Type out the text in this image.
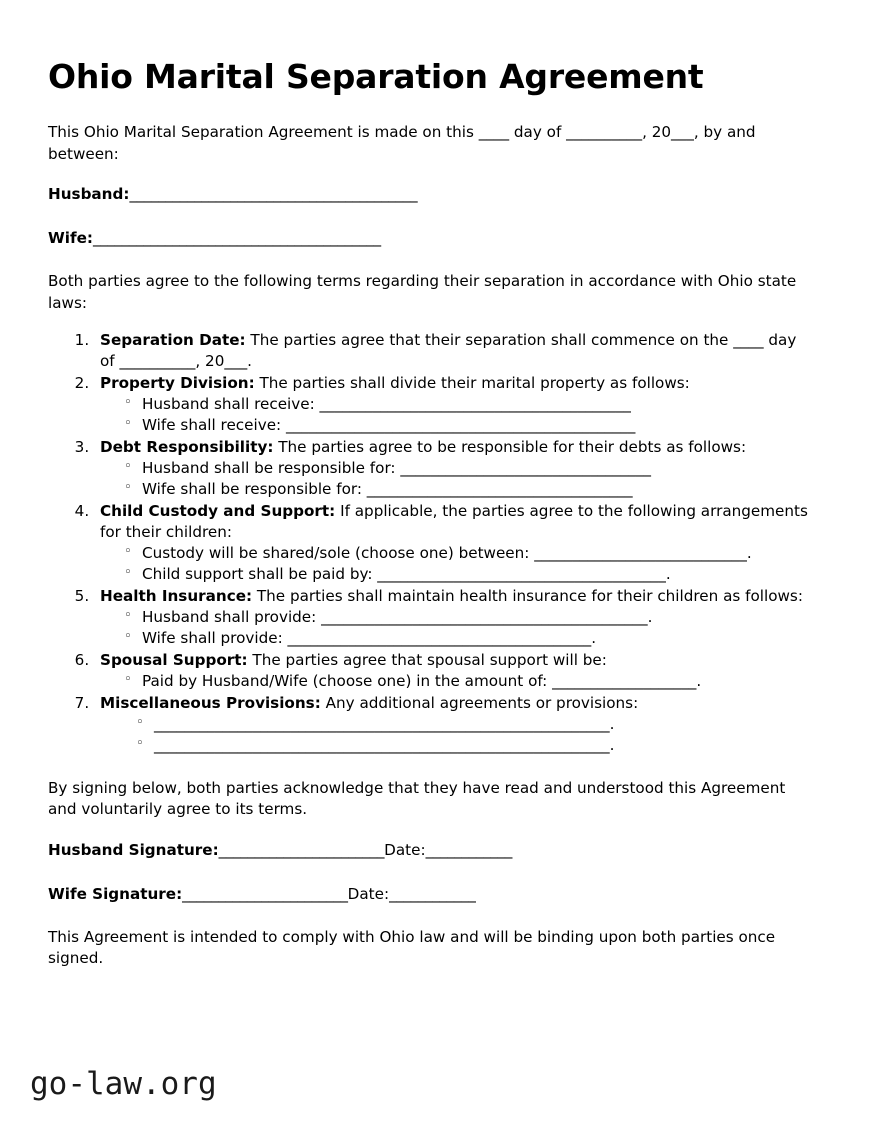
Ohio Marital Separation Agreement

This Ohio Marital Separation Agreement is made on this ____ day of __________, 20___, by and between:

Husband:________________________________________
Wife:________________________________________

Both parties agree to the following terms regarding their separation in accordance with Ohio state laws:

1. Separation Date: The parties agree that their separation shall commence on the ____ day of __________, 20___.
2. Property Division: The parties shall divide their marital property as follows:
◦ Husband shall receive: _________________________________________
◦ Wife shall receive: ______________________________________________
3. Debt Responsibility: The parties agree to be responsible for their debts as follows:
◦ Husband shall be responsible for: _________________________________
◦ Wife shall be responsible for: ___________________________________
4. Child Custody and Support: If applicable, the parties agree to the following arrangements for their children:
◦ Custody will be shared/sole (choose one) between: ____________________________.
◦ Child support shall be paid by: ______________________________________.
5. Health Insurance: The parties shall maintain health insurance for their children as follows:
◦ Husband shall provide: ___________________________________________.
◦ Wife shall provide: ________________________________________.
6. Spousal Support: The parties agree that spousal support will be:
◦ Paid by Husband/Wife (choose one) in the amount of: ___________________.
7. Miscellaneous Provisions: Any additional agreements or provisions:
◦ ____________________________________________________________.
◦ ____________________________________________________________.

By signing below, both parties acknowledge that they have read and understood this Agreement and voluntarily agree to its terms.

Husband Signature:_______________________Date:____________
Wife Signature:_______________________Date:____________

This Agreement is intended to comply with Ohio law and will be binding upon both parties once signed.

go-law.org
